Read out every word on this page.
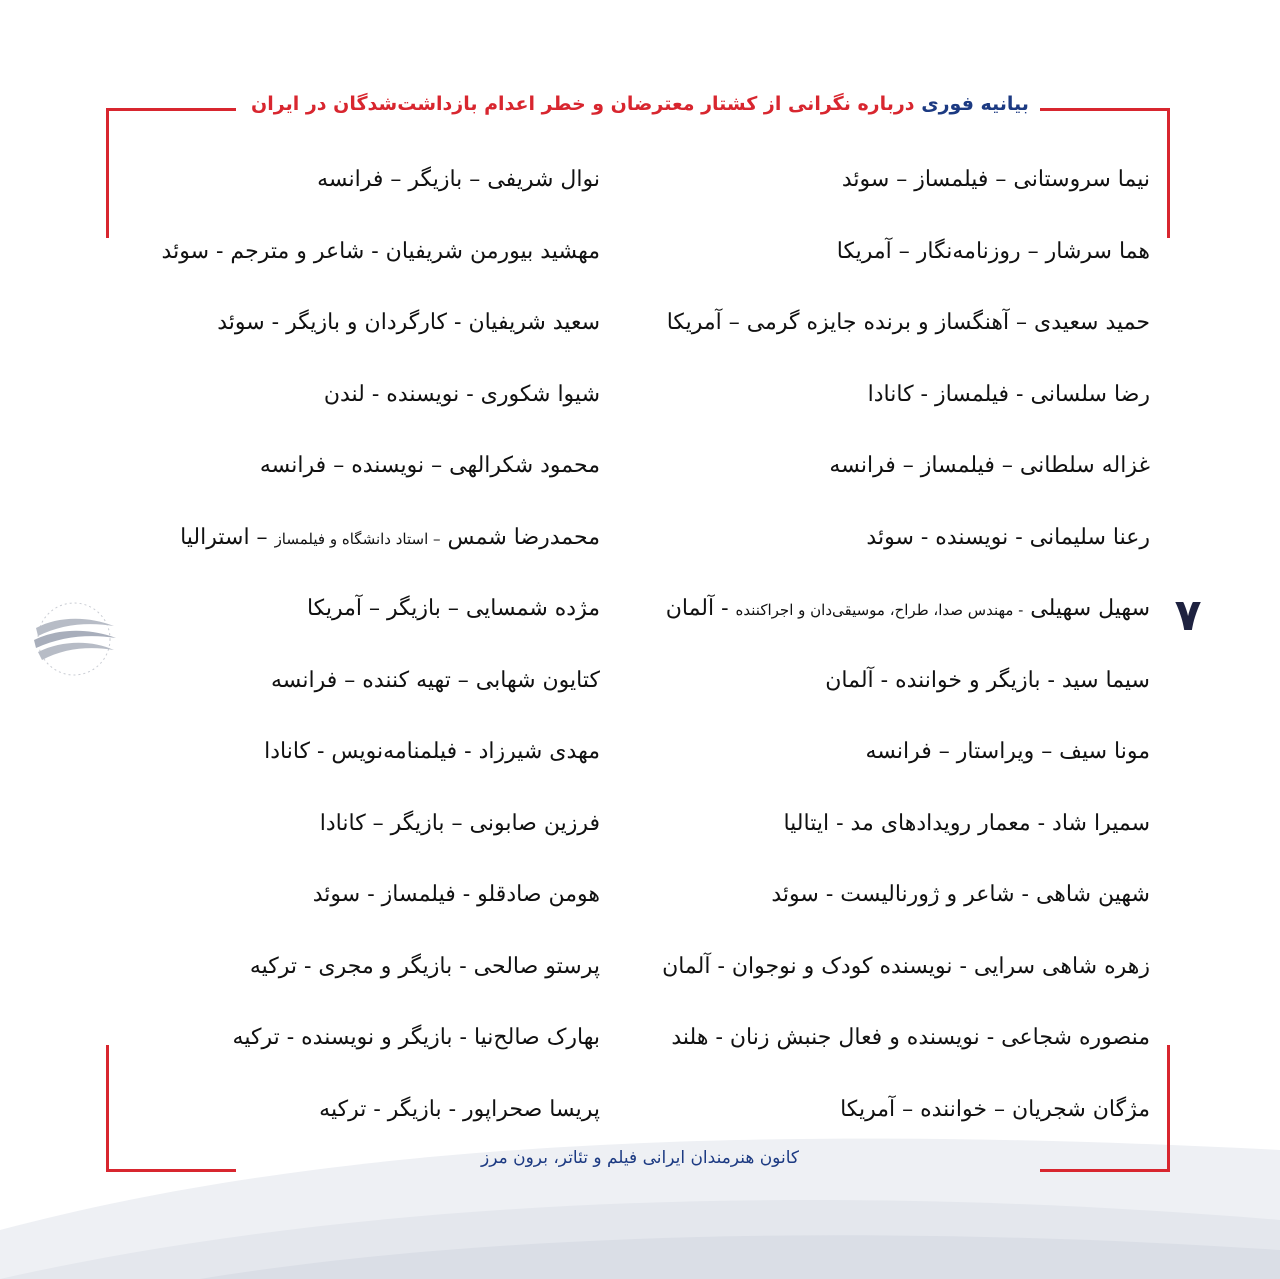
بیانیه فوری درباره نگرانی از کشتار معترضان و خطر اعدام بازداشت‌شدگان در ایران
نیما سروستانی – فیلمساز – سوئد
هما سرشار – روزنامه‌نگار – آمریکا
حمید سعیدی – آهنگساز و برنده جایزه گرمی – آمریکا
رضا سلسانی - فیلمساز - کانادا
غزاله سلطانی – فیلمساز – فرانسه
رعنا سلیمانی - نویسنده - سوئد
سهیل سهیلی - مهندس صدا، طراح، موسیقی‌دان و اجراکننده - آلمان
سیما سید - بازیگر و خواننده - آلمان
مونا سیف – ویراستار – فرانسه
سمیرا شاد - معمار رویدادهای مد - ایتالیا
شهین شاهی - شاعر و ژورنالیست - سوئد
زهره شاهی سرایی - نویسنده کودک و نوجوان - آلمان
منصوره شجاعی - نویسنده و فعال جنبش زنان - هلند
مژگان شجریان – خواننده – آمریکا
نوال شریفی – بازیگر – فرانسه
مهشید بیورمن شریفیان - شاعر و مترجم - سوئد
سعید شریفیان - کارگردان و بازیگر - سوئد
شیوا شکوری - نویسنده - لندن
محمود شکرالهی – نویسنده – فرانسه
محمدرضا شمس – استاد دانشگاه و فیلمساز – استرالیا
مژده شمسایی – بازیگر – آمریکا
کتایون شهابی – تهیه کننده – فرانسه
مهدی شیرزاد - فیلمنامه‌نویس - کانادا
فرزین صابونی – بازیگر – کانادا
هومن صادقلو - فیلمساز - سوئد
پرستو صالحی - بازیگر و مجری - ترکیه
بهارک صالح‌نیا - بازیگر و نویسنده - ترکیه
پریسا صحراپور - بازیگر - ترکیه
۷
کانون هنرمندان ایرانی فیلم و تئاتر، برون مرز
